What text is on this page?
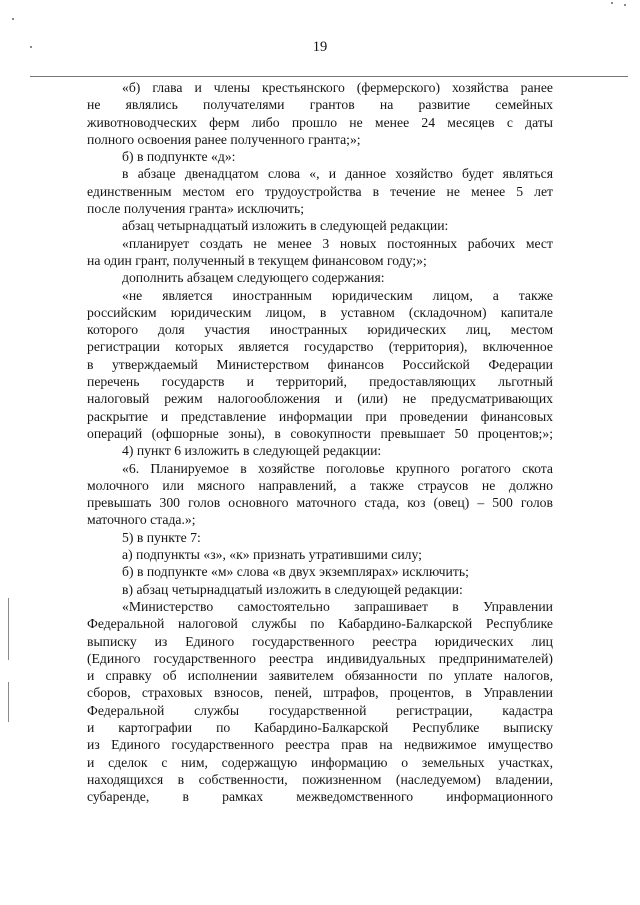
19
«б) глава и члены крестьянского (фермерского) хозяйства ранее
не являлись получателями грантов на развитие семейных
животноводческих ферм либо прошло не менее 24 месяцев с даты
полного освоения ранее полученного гранта;»;
б) в подпункте «д»:
в абзаце двенадцатом слова «, и данное хозяйство будет являться
единственным местом его трудоустройства в течение не менее 5 лет
после получения гранта» исключить;
абзац четырнадцатый изложить в следующей редакции:
«планирует создать не менее 3 новых постоянных рабочих мест
на один грант, полученный в текущем финансовом году;»;
дополнить абзацем следующего содержания:
«не является иностранным юридическим лицом, а также
российским юридическим лицом, в уставном (складочном) капитале
которого доля участия иностранных юридических лиц, местом
регистрации которых является государство (территория), включенное
в утверждаемый Министерством финансов Российской Федерации
перечень государств и территорий, предоставляющих льготный
налоговый режим налогообложения и (или) не предусматривающих
раскрытие и представление информации при проведении финансовых
операций (офшорные зоны), в совокупности превышает 50 процентов;»;
4) пункт 6 изложить в следующей редакции:
«6. Планируемое в хозяйстве поголовье крупного рогатого скота
молочного или мясного направлений, а также страусов не должно
превышать 300 голов основного маточного стада, коз (овец) – 500 голов
маточного стада.»;
5) в пункте 7:
а) подпункты «з», «к» признать утратившими силу;
б) в подпункте «м» слова «в двух экземплярах» исключить;
в) абзац четырнадцатый изложить в следующей редакции:
«Министерство самостоятельно запрашивает в Управлении
Федеральной налоговой службы по Кабардино-Балкарской Республике
выписку из Единого государственного реестра юридических лиц
(Единого государственного реестра индивидуальных предпринимателей)
и справку об исполнении заявителем обязанности по уплате налогов,
сборов, страховых взносов, пеней, штрафов, процентов, в Управлении
Федеральной службы государственной регистрации, кадастра
и картографии по Кабардино-Балкарской Республике выписку
из Единого государственного реестра прав на недвижимое имущество
и сделок с ним, содержащую информацию о земельных участках,
находящихся в собственности, пожизненном (наследуемом) владении,
субаренде, в рамках межведомственного информационного
